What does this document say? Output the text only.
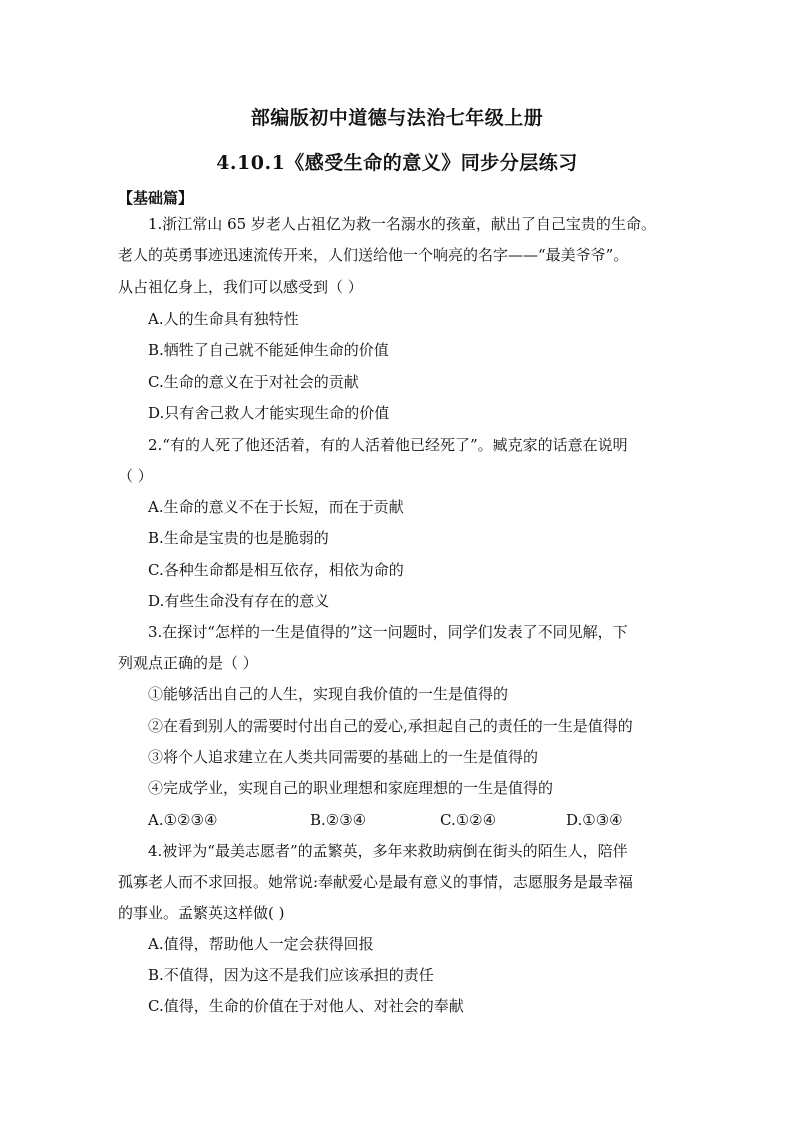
部编版初中道德与法治七年级上册
4.10.1《感受生命的意义》同步分层练习
【基础篇】
1.浙江常山 65 岁老人占祖亿为救一名溺水的孩童，献出了自己宝贵的生命。
老人的英勇事迹迅速流传开来，人们送给他一个响亮的名字——“最美爷爷”。
从占祖亿身上，我们可以感受到（ ）
A.人的生命具有独特性
B.牺牲了自己就不能延伸生命的价值
C.生命的意义在于对社会的贡献
D.只有舍己救人才能实现生命的价值
2.“有的人死了他还活着，有的人活着他已经死了”。臧克家的话意在说明
（ ）
A.生命的意义不在于长短，而在于贡献
B.生命是宝贵的也是脆弱的
C.各种生命都是相互依存，相依为命的
D.有些生命没有存在的意义
3.在探讨“怎样的一生是值得的”这一问题时，同学们发表了不同见解，下
列观点正确的是（ ）
①能够活出自己的人生，实现自我价值的一生是值得的
②在看到别人的需要时付出自己的爱心,承担起自己的责任的一生是值得的
③将个人追求建立在人类共同需要的基础上的一生是值得的
④完成学业，实现自己的职业理想和家庭理想的一生是值得的
A.①②③④	B.②③④	C.①②④	D.①③④
4.被评为“最美志愿者”的孟繁英，多年来救助病倒在街头的陌生人，陪伴
孤寡老人而不求回报。她常说:奉献爱心是最有意义的事情，志愿服务是最幸福
的事业。孟繁英这样做( )
A.值得，帮助他人一定会获得回报
B.不值得，因为这不是我们应该承担的责任
C.值得，生命的价值在于对他人、对社会的奉献
